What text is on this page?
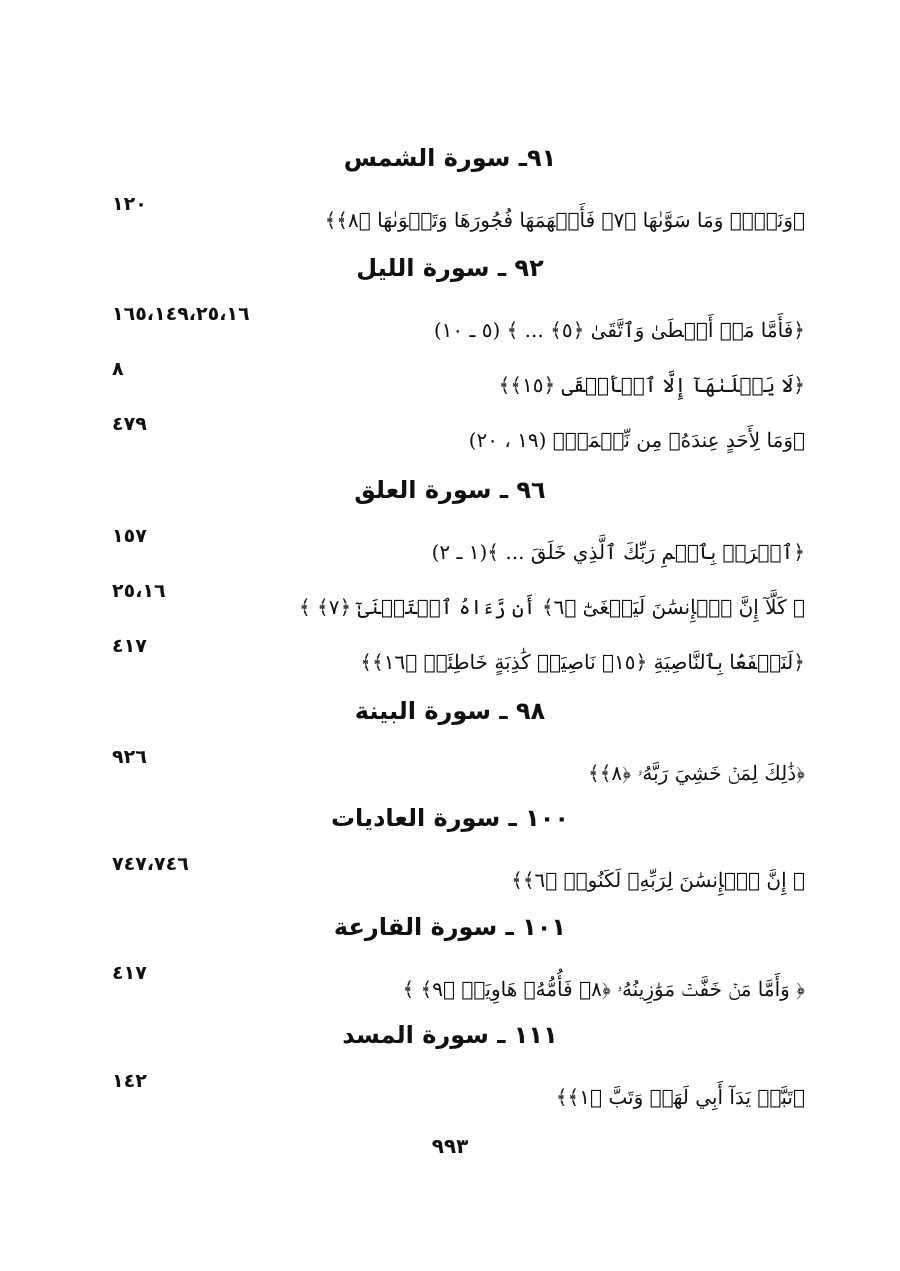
٩١ـ سورة الشمس
﴿وَنَفۡسٖ وَمَا سَوَّىٰهَا ﴿٧﴾ فَأَلۡهَمَهَا فُجُورَهَا وَتَقۡوَىٰهَا ﴿٨﴾﴾
١٢٠
٩٢ ـ سورة الليل
﴿فَأَمَّا مَنۡ أَعۡطَىٰ وَٱتَّقَىٰ ﴿٥﴾ ... ﴾ (٥ ـ ١٠)
١٦٥،١٤٩،٢٥،١٦
﴿لَا يَصۡلَىٰهَآ إِلَّا ٱلۡأَشۡقَى ﴿١٥﴾﴾
٨
﴿وَمَا لِأَحَدٍ عِندَهُۥ مِن نِّعۡمَةٖ﴾ (١٩ ، ٢٠)
٤٧٩
٩٦ ـ سورة العلق
﴿ٱقۡرَأۡ بِٱسۡمِ رَبِّكَ ٱلَّذِي خَلَقَ ... ﴾(١ ـ ٢)
١٥٧
﴿ كَلَّآ إِنَّ ٱلۡإِنسَٰنَ لَيَطۡغَىٰٓ ﴿٦﴾ أَن رَّءَاهُ ٱسۡتَغۡنَىٰٓ ﴿٧﴾ ﴾
٢٥،١٦
﴿لَنَسۡفَعَۢا بِٱلنَّاصِيَةِ ﴿١٥﴾ نَاصِيَةٖ كَٰذِبَةٍ خَاطِئَةٖ ﴿١٦﴾﴾
٤١٧
٩٨ ـ سورة البينة
﴿ذَٰلِكَ لِمَنۡ خَشِيَ رَبَّهُۥ ﴿٨﴾﴾
٩٢٦
١٠٠ ـ سورة العاديات
﴿ إِنَّ ٱلۡإِنسَٰنَ لِرَبِّهِۦ لَكَنُودٞ ﴿٦﴾﴾
٧٤٧،٧٤٦
١٠١ ـ سورة القارعة
﴿ وَأَمَّا مَنۡ خَفَّتۡ مَوَٰزِينُهُۥ ﴿٨﴾ فَأُمُّهُۥ هَاوِيَةٞ ﴿٩﴾ ﴾
٤١٧
١١١ ـ سورة المسد
﴿تَبَّتۡ يَدَآ أَبِي لَهَبٖ وَتَبَّ ﴿١﴾﴾
١٤٢
٩٩٣
